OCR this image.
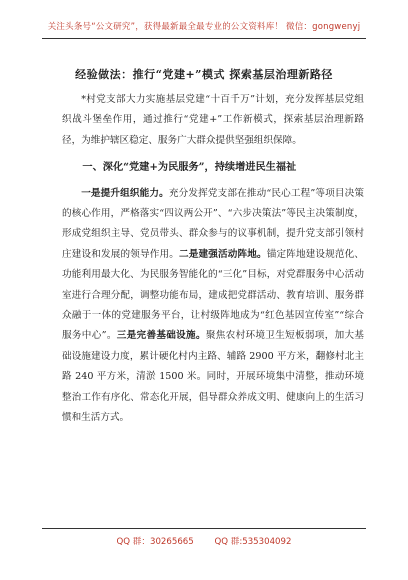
关注头条号“公文研究”，获得最新最全最专业的公文资料库！ 微信：gongwenyj
经验做法：推行“党建+”模式 探索基层治理新路径

*村党支部大力实施基层党建“十百千万”计划，充分发挥基层党组织战斗堡垒作用，通过推行“党建+”工作新模式，探索基层治理新路径，为维护辖区稳定、服务广大群众提供坚强组织保障。

一、深化“党建+为民服务”，持续增进民生福祉

一是提升组织能力。充分发挥党支部在推动“民心工程”等项目决策的核心作用，严格落实“四议两公开”、“六步决策法”等民主决策制度，形成党组织主导、党员带头、群众参与的议事机制，提升党支部引领村庄建设和发展的领导作用。二是建强活动阵地。锚定阵地建设规范化、功能利用最大化、为民服务智能化的“三化”目标，对党群服务中心活动室进行合理分配，调整功能布局，建成把党群活动、教育培训、服务群众融于一体的党建服务平台，让村级阵地成为“红色基因宣传室”“综合服务中心”。三是完善基础设施。聚焦农村环境卫生短板弱项，加大基础设施建设力度，累计硬化村内主路、辅路 2900 平方米，翻修村北主路 240 平方米，清淤 1500 米。同时，开展环境集中清整，推动环境整治工作有序化、常态化开展，倡导群众养成文明、健康向上的生活习惯和生活方式。

QQ 群：30265665 QQ 群:535304092
